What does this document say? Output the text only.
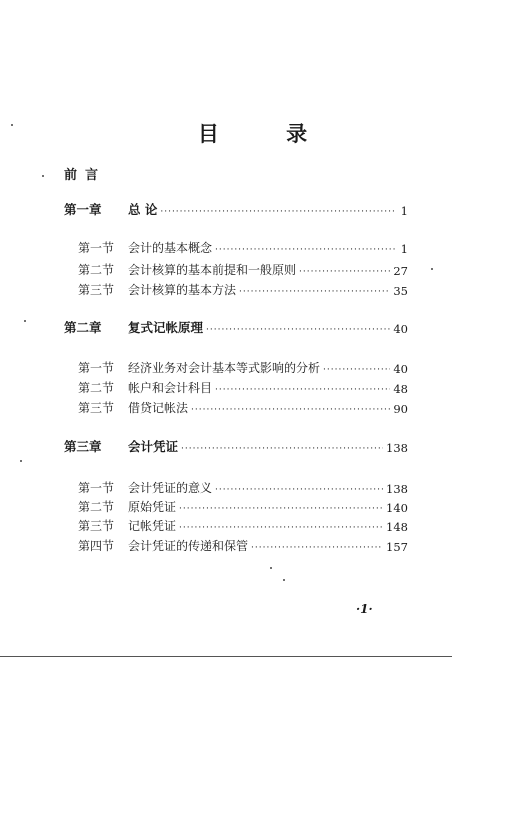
目 录
前言
第一章	总 论 ·····	1
第一节	会计的基本概念 ·····	1
第二节	会计核算的基本前提和一般原则 ·····	27
第三节	会计核算的基本方法 ·····	35
第二章	复式记帐原理 ·····	40
第一节	经济业务对会计基本等式影响的分析 ·····	40
第二节	帐户和会计科目 ·····	48
第三节	借贷记帐法 ·····	90
第三章	会计凭证 ·····	138
第一节	会计凭证的意义 ·····	138
第二节	原始凭证 ·····	140
第三节	记帐凭证 ·····	148
第四节	会计凭证的传递和保管 ·····	157
·1·
